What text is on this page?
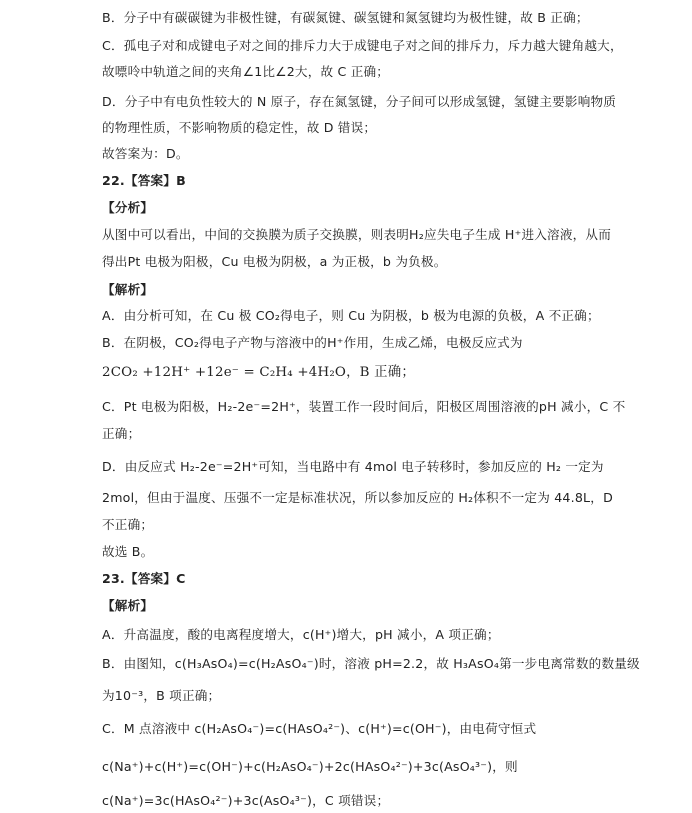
B．分子中有碳碳键为非极性键，有碳氮键、碳氢键和氮氢键均为极性键，故 B 正确；
C．孤电子对和成键电子对之间的排斥力大于成键电子对之间的排斥力，斥力越大键角越大，
故嘌呤中轨道之间的夹角∠1比∠2大，故 C 正确；
D．分子中有电负性较大的 N 原子，存在氮氢键，分子间可以形成氢键，氢键主要影响物质
的物理性质，不影响物质的稳定性，故 D 错误；
故答案为：D。
22.【答案】B
【分析】
从图中可以看出，中间的交换膜为质子交换膜，则表明H₂应失电子生成 H⁺进入溶液，从而
得出Pt 电极为阳极，Cu 电极为阴极，a 为正极，b 为负极。
【解析】
A．由分析可知，在 Cu 极 CO₂得电子，则 Cu 为阴极，b 极为电源的负极，A 不正确；
B．在阴极，CO₂得电子产物与溶液中的H⁺作用，生成乙烯，电极反应式为
2CO₂ +12H⁺ +12e⁻ = C₂H₄ +4H₂O，B 正确；
C．Pt 电极为阳极，H₂-2e⁻=2H⁺，装置工作一段时间后，阳极区周围溶液的pH 减小，C 不
正确；
D．由反应式 H₂-2e⁻=2H⁺可知，当电路中有 4mol 电子转移时，参加反应的 H₂ 一定为
2mol，但由于温度、压强不一定是标准状况，所以参加反应的 H₂体积不一定为 44.8L，D
不正确；
故选 B。
23.【答案】C
【解析】
A．升高温度，酸的电离程度增大，c(H⁺)增大，pH 减小，A 项正确；
B．由图知，c(H₃AsO₄)=c(H₂AsO₄⁻)时，溶液 pH=2.2，故 H₃AsO₄第一步电离常数的数量级
为10⁻³，B 项正确；
C．M 点溶液中 c(H₂AsO₄⁻)=c(HAsO₄²⁻)、c(H⁺)=c(OH⁻)，由电荷守恒式
c(Na⁺)+c(H⁺)=c(OH⁻)+c(H₂AsO₄⁻)+2c(HAsO₄²⁻)+3c(AsO₄³⁻)，则
c(Na⁺)=3c(HAsO₄²⁻)+3c(AsO₄³⁻)，C 项错误；
